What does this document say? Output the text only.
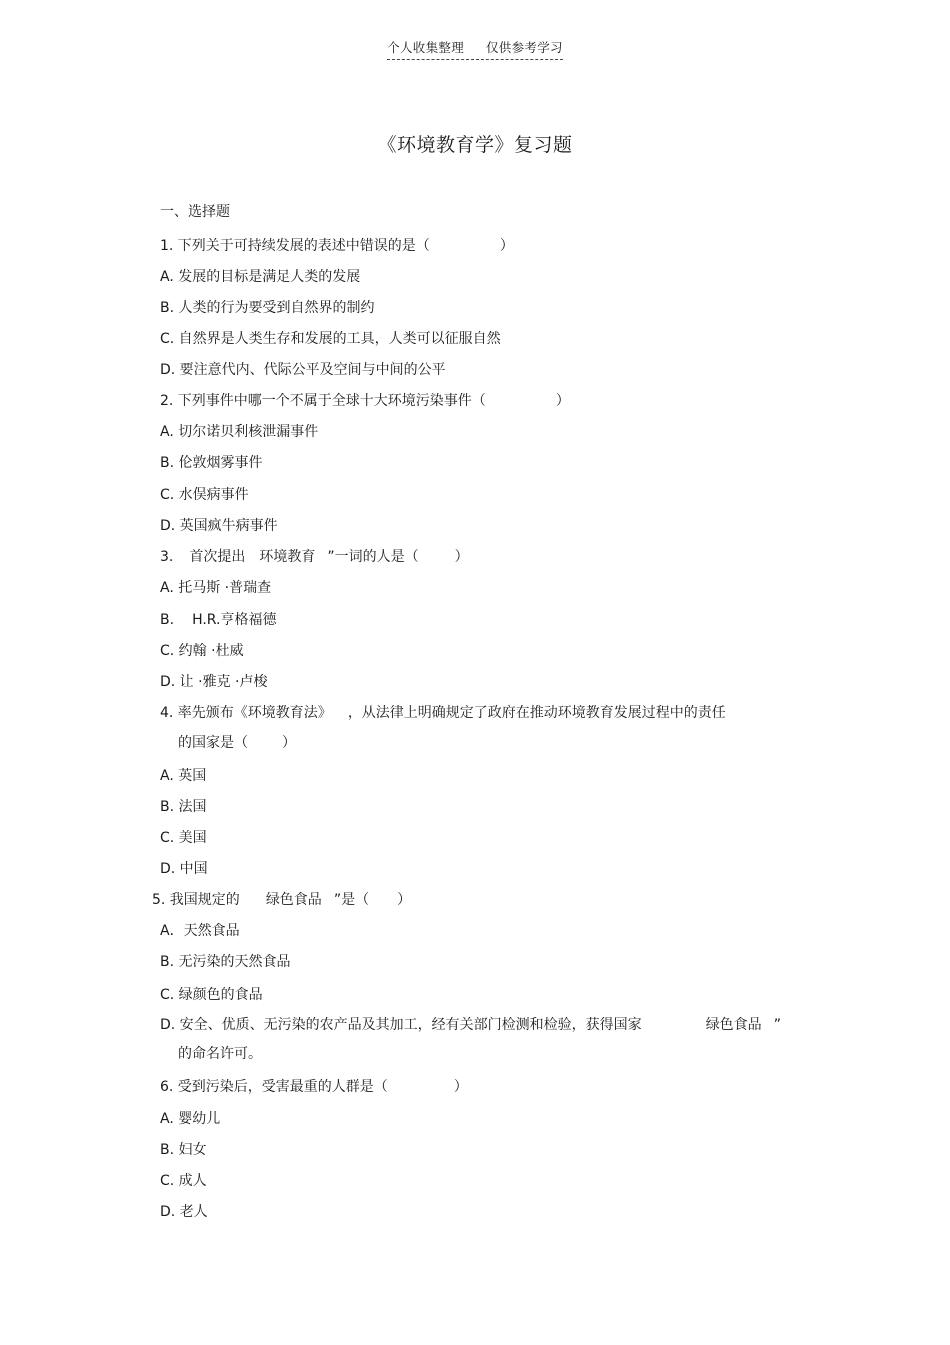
个人收集整理 仅供参考学习
《环境教育学》复习题
一、选择题
1. 下列关于可持续发展的表述中错误的是（	）
A. 发展的目标是满足人类的发展
B. 人类的行为要受到自然界的制约
C. 自然界是人类生存和发展的工具，人类可以征服自然
D. 要注意代内、代际公平及空间与中间的公平
2. 下列事件中哪一个不属于全球十大环境污染事件（	）
A. 切尔诺贝利核泄漏事件
B. 伦敦烟雾事件
C. 水俣病事件
D. 英国疯牛病事件
3. 首次提出 环境教育 ”一词的人是（	）
A. 托马斯 ·普瑞查
B. H.R.亨格福德
C. 约翰 ·杜威
D. 让 ·雅克 ·卢梭
4. 率先颁布《环境教育法》 ，从法律上明确规定了政府在推动环境教育发展过程中的责任
的国家是（ ）
A. 英国
B. 法国
C. 美国
D. 中国
5. 我国规定的 绿色食品 ”是（ ）
A．天然食品
B. 无污染的天然食品
C. 绿颜色的食品
D. 安全、优质、无污染的农产品及其加工，经有关部门检测和检验，获得国家	绿色食品 ”
的命名许可。
6. 受到污染后，受害最重的人群是（	）
A. 婴幼儿
B. 妇女
C. 成人
D. 老人
